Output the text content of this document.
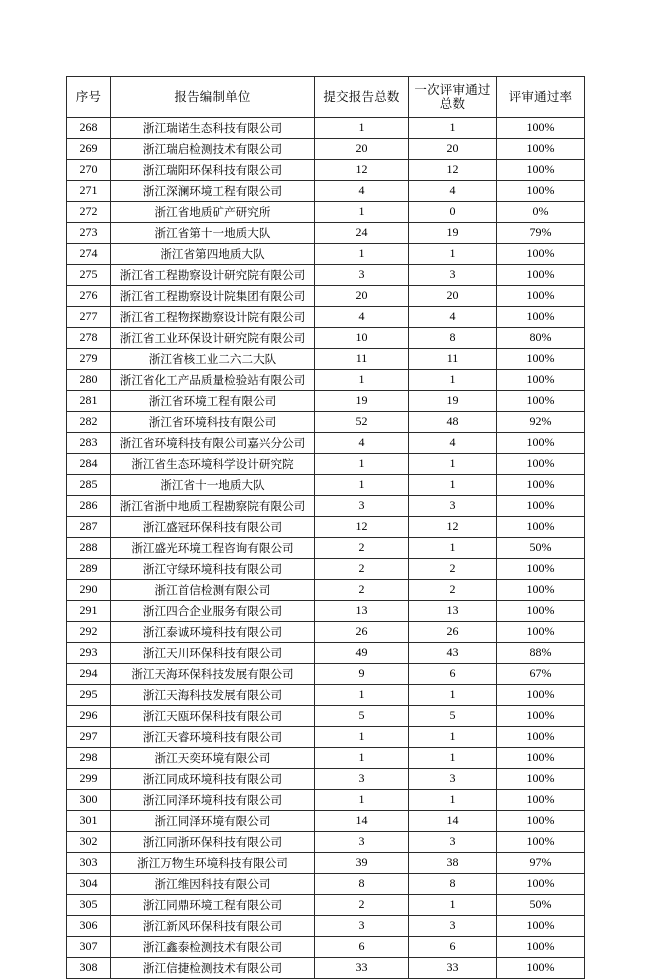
序号	报告编制单位	提交报告总数	一次评审通过总数	评审通过率
268	浙江瑞诺生态科技有限公司	1	1	100%
269	浙江瑞启检测技术有限公司	20	20	100%
270	浙江瑞阳环保科技有限公司	12	12	100%
271	浙江深澜环境工程有限公司	4	4	100%
272	浙江省地质矿产研究所	1	0	0%
273	浙江省第十一地质大队	24	19	79%
274	浙江省第四地质大队	1	1	100%
275	浙江省工程勘察设计研究院有限公司	3	3	100%
276	浙江省工程勘察设计院集团有限公司	20	20	100%
277	浙江省工程物探勘察设计院有限公司	4	4	100%
278	浙江省工业环保设计研究院有限公司	10	8	80%
279	浙江省核工业二六二大队	11	11	100%
280	浙江省化工产品质量检验站有限公司	1	1	100%
281	浙江省环境工程有限公司	19	19	100%
282	浙江省环境科技有限公司	52	48	92%
283	浙江省环境科技有限公司嘉兴分公司	4	4	100%
284	浙江省生态环境科学设计研究院	1	1	100%
285	浙江省十一地质大队	1	1	100%
286	浙江省浙中地质工程勘察院有限公司	3	3	100%
287	浙江盛冠环保科技有限公司	12	12	100%
288	浙江盛光环境工程咨询有限公司	2	1	50%
289	浙江守绿环境科技有限公司	2	2	100%
290	浙江首信检测有限公司	2	2	100%
291	浙江四合企业服务有限公司	13	13	100%
292	浙江泰诚环境科技有限公司	26	26	100%
293	浙江天川环保科技有限公司	49	43	88%
294	浙江天海环保科技发展有限公司	9	6	67%
295	浙江天海科技发展有限公司	1	1	100%
296	浙江天瓯环保科技有限公司	5	5	100%
297	浙江天睿环境科技有限公司	1	1	100%
298	浙江天奕环境有限公司	1	1	100%
299	浙江同成环境科技有限公司	3	3	100%
300	浙江同泽环境科技有限公司	1	1	100%
301	浙江同泽环境有限公司	14	14	100%
302	浙江同浙环保科技有限公司	3	3	100%
303	浙江万物生环境科技有限公司	39	38	97%
304	浙江维因科技有限公司	8	8	100%
305	浙江同鼎环境工程有限公司	2	1	50%
306	浙江新风环保科技有限公司	3	3	100%
307	浙江鑫泰检测技术有限公司	6	6	100%
308	浙江信捷检测技术有限公司	33	33	100%
